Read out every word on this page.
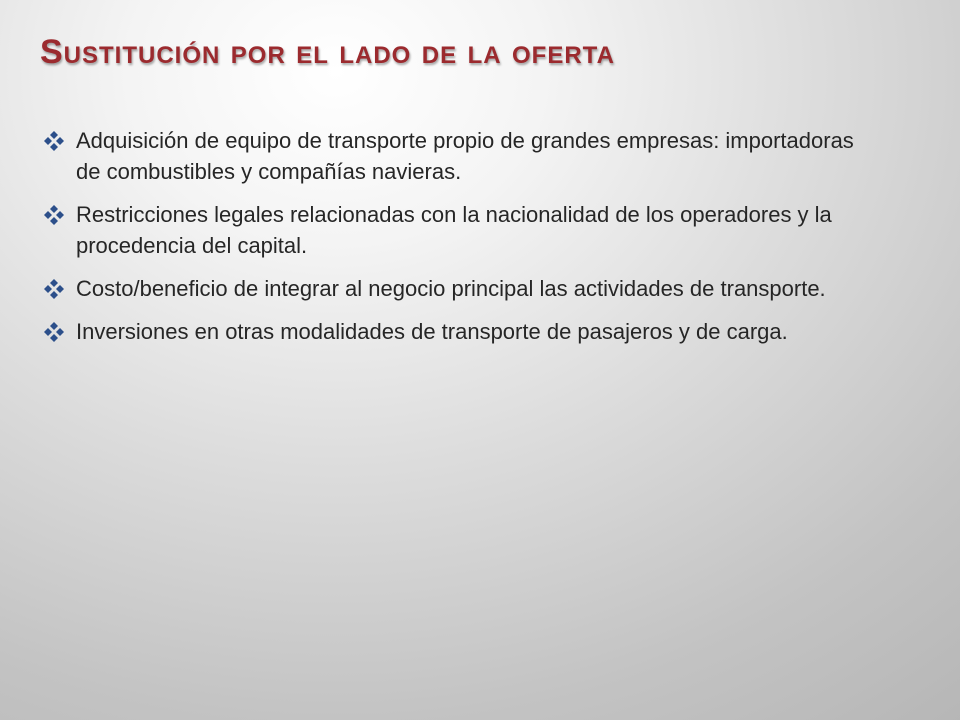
Sustitución por el lado de la oferta
Adquisición de equipo de transporte propio de grandes empresas: importadoras de combustibles y compañías navieras.
Restricciones legales relacionadas con la nacionalidad de los operadores y la procedencia del capital.
Costo/beneficio de integrar al negocio principal las actividades de transporte.
Inversiones en otras modalidades de transporte de pasajeros y de carga.
